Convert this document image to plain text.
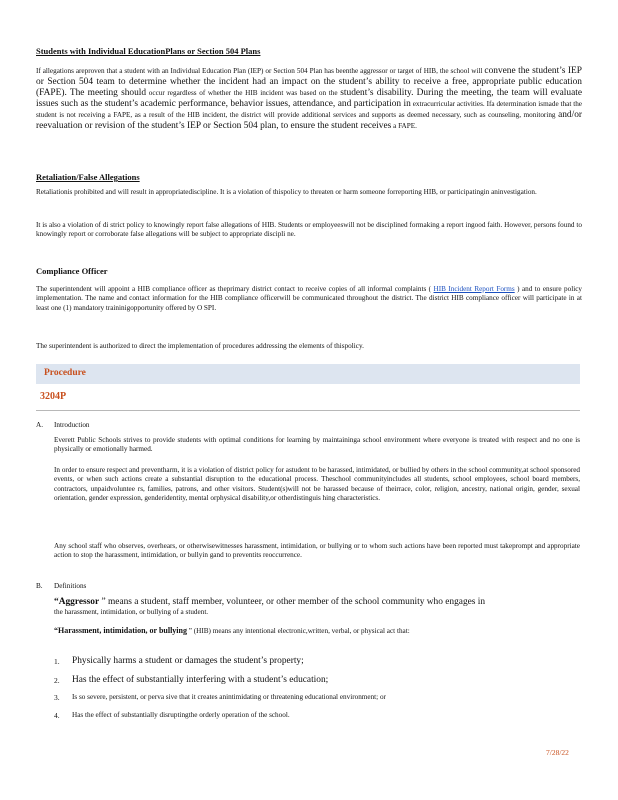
Students with Individual EducationPlans or Section 504 Plans

If allegations areproven that a student with an Individual Education Plan (IEP) or Section 504 Plan has beenthe aggressor or target of HIB, the school will convene the student’s IEP or Section 504 team to determine whether the incident had an impact on the student’s ability to receive a free, appropriate public education (FAPE). The meeting should occur regardless of whether the HIB incident was based on the student’s disability. During the meeting, the team will evaluate issues such as the student’s academic performance, behavior issues, attendance, and participation in extracurricular activities. Ifa determination ismade that the student is not receiving a FAPE, as a result of the HIB incident, the district will provide additional services and supports as deemed necessary, such as counseling, monitoring and/or reevaluation or revision of the student’s IEP or Section 504 plan, to ensure the student receives a FAPE.

Retaliation/False Allegations

Retaliationis prohibited and will result in appropriatediscipline. It is a violation of thispolicy to threaten or harm someone forreporting HIB, or participatingin aninvestigation.

It is also a violation of di strict policy to knowingly report false allegations of HIB. Students or employeeswill not be disciplined formaking a report ingood faith. However, persons found to knowingly report or corroborate false allegations will be subject to appropriate discipli ne.

Compliance Officer

The superintendent will appoint a HIB compliance officer as theprimary district contact to receive copies of all informal complaints ( HIB Incident Report Forms ) and to ensure policy implementation. The name and contact information for the HIB compliance officerwill be communicated throughout the district. The district HIB compliance officer will participate in at least one (1) mandatory traininigopportunity offered by O SPI.

The superintendent is authorized to direct the implementation of procedures addressing the elements of thispolicy.

Procedure
3204P
A. Introduction

Everett Public Schools strives to provide students with optimal conditions for learning by maintaininga school environment where everyone is treated with respect and no one is physically or emotionally harmed.

In order to ensure respect and preventharm, it is a violation of district policy for astudent to be harassed, intimidated, or bullied by others in the school community,at school sponsored events, or when such actions create a substantial disruption to the educational process. Theschool communityincludes all students, school employees, school board members, contractors, unpaidvoluntee rs, families, patrons, and other visitors. Student(s)will not be harassed because of theirrace, color, religion, ancestry, national origin, gender, sexual orientation, gender expression, genderidentity, mental orphysical disability,or otherdistinguis hing characteristics.

Any school staff who observes, overhears, or otherwisewitnesses harassment, intimidation, or bullying or to whom such actions have been reported must takeprompt and appropriate action to stop the harassment, intimidation, or bullyin gand to preventits reoccurrence.

B. Definitions

“Aggressor ” means a student, staff member, volunteer, or other member of the school community who engages in

the harassment, intimidation, or bullying of a student.

“Harassment, intimidation, or bullying ” (HIB) means any intentional electronic,written, verbal, or physical act that:

1. Physically harms a student or damages the student’s property;
2. Has the effect of substantially interfering with a student’s education;
3. Is so severe, persistent, or perva sive that it creates anintimidating or threatening educational environment; or
4. Has the effect of substantially disruptingthe orderly operation of the school.
7/28/22
